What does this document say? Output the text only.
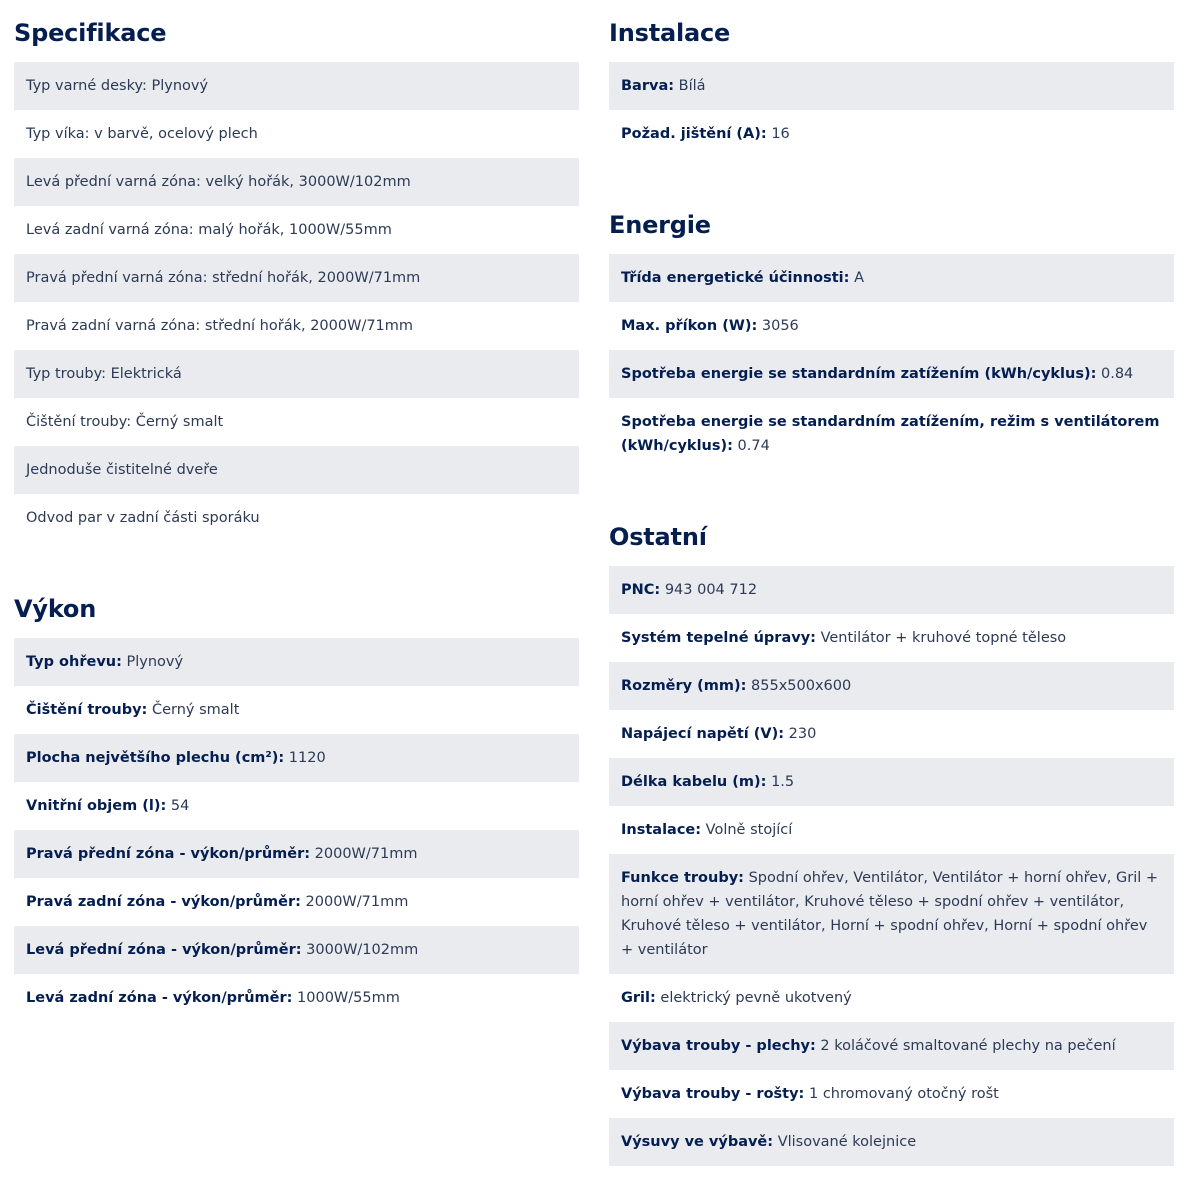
Specifikace
Typ varné desky: Plynový
Typ víka: v barvě, ocelový plech
Levá přední varná zóna: velký hořák, 3000W/102mm
Levá zadní varná zóna: malý hořák, 1000W/55mm
Pravá přední varná zóna: střední hořák, 2000W/71mm
Pravá zadní varná zóna: střední hořák, 2000W/71mm
Typ trouby: Elektrická
Čištění trouby: Černý smalt
Jednoduše čistitelné dveře
Odvod par v zadní části sporáku
Výkon
Typ ohřevu: Plynový
Čištění trouby: Černý smalt
Plocha největšího plechu (cm²): 1120
Vnitřní objem (l): 54
Pravá přední zóna - výkon/průměr: 2000W/71mm
Pravá zadní zóna - výkon/průměr: 2000W/71mm
Levá přední zóna - výkon/průměr: 3000W/102mm
Levá zadní zóna - výkon/průměr: 1000W/55mm
Instalace
Barva: Bílá
Požad. jištění (A): 16
Energie
Třída energetické účinnosti: A
Max. příkon (W): 3056
Spotřeba energie se standardním zatížením (kWh/cyklus): 0.84
Spotřeba energie se standardním zatížením, režim s ventilátorem (kWh/cyklus): 0.74
Ostatní
PNC: 943 004 712
Systém tepelné úpravy: Ventilátor + kruhové topné těleso
Rozměry (mm): 855x500x600
Napájecí napětí (V): 230
Délka kabelu (m): 1.5
Instalace: Volně stojící
Funkce trouby: Spodní ohřev, Ventilátor, Ventilátor + horní ohřev, Gril + horní ohřev + ventilátor, Kruhové těleso + spodní ohřev + ventilátor, Kruhové těleso + ventilátor, Horní + spodní ohřev, Horní + spodní ohřev + ventilátor
Gril: elektrický pevně ukotvený
Výbava trouby - plechy: 2 koláčové smaltované plechy na pečení
Výbava trouby - rošty: 1 chromovaný otočný rošt
Výsuvy ve výbavě: Vlisované kolejnice
